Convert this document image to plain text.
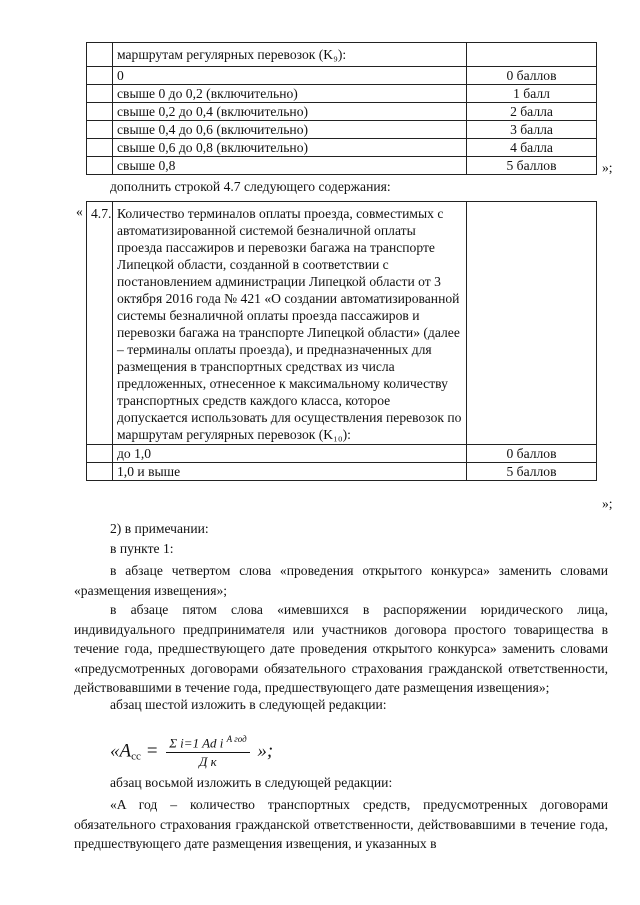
	маршрутам регулярных перевозок (K₉):	
	0	0 баллов
	свыше 0 до 0,2 (включительно)	1 балл
	свыше 0,2 до 0,4 (включительно)	2 балла
	свыше 0,4 до 0,6 (включительно)	3 балла
	свыше 0,6 до 0,8 (включительно)	4 балла
	свыше 0,8	5 баллов	»;
дополнить строкой 4.7 следующего содержания:
« 4.7.	Количество терминалов оплаты проезда, совместимых с автоматизированной системой безналичной оплаты проезда пассажиров и перевозки багажа на транспорте Липецкой области, созданной в соответствии с постановлением администрации Липецкой области от 3 октября 2016 года № 421 «О создании автоматизированной системы безналичной оплаты проезда пассажиров и перевозки багажа на транспорте Липецкой области» (далее – терминалы оплаты проезда), и предназначенных для размещения в транспортных средствах из числа предложенных, отнесенное к максимальному количеству транспортных средств каждого класса, которое допускается использовать для осуществления перевозок по маршрутам регулярных перевозок (K₁₀):	
	до 1,0	0 баллов
	1,0 и выше	5 баллов
»;
2) в примечании:
в пункте 1:
в абзаце четвертом слова «проведения открытого конкурса» заменить словами «размещения извещения»;
в абзаце пятом слова «имевшихся в распоряжении юридического лица, индивидуального предпринимателя или участников договора простого товарищества в течение года, предшествующего дате проведения открытого конкурса» заменить словами «предусмотренных договорами обязательного страхования гражданской ответственности, действовавшими в течение года, предшествующего дате размещения извещения»;
абзац шестой изложить в следующей редакции:
«$A_{сс} = \frac{\Sigma i=1 Ad i ^{A год}}{\text{Д к}}$ »;
абзац восьмой изложить в следующей редакции:
«A год – количество транспортных средств, предусмотренных договорами обязательного страхования гражданской ответственности, действовавшими в течение года, предшествующего дате размещения извещения, и указанных в
